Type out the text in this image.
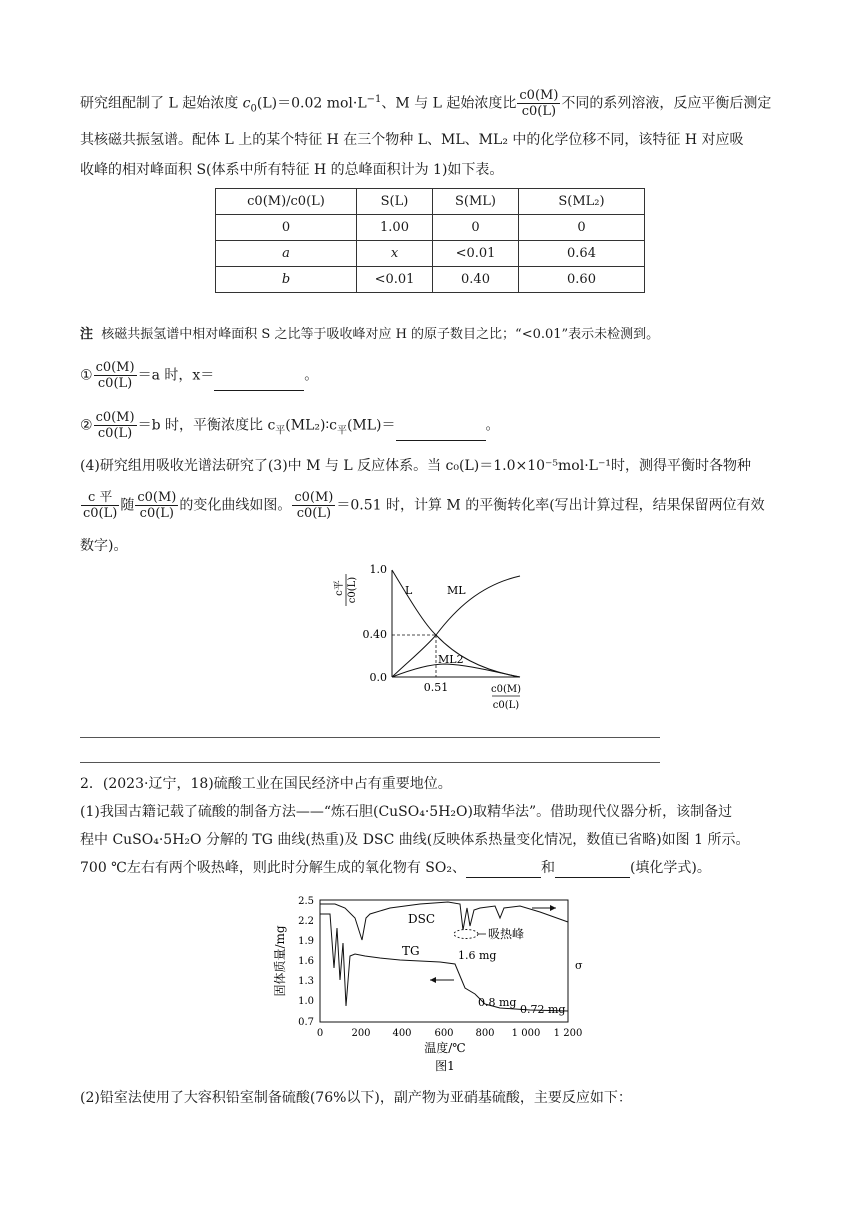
研究组配制了 L 起始浓度 $c_0(L)=0.02$ $mol\cdot L^{-1}$、M 与 L 起始浓度比 $\frac{c0(M)}{c0(L)}$ 不同的系列溶液，反应平衡后测定
其核磁共振氢谱。配体 L 上的某个特征 H 在三个物种 L、ML、ML₂ 中的化学位移不同，该特征 H 对应吸
收峰的相对峰面积 S(体系中所有特征 H 的总峰面积计为 1)如下表。
c0(M)/c0(L)	S(L)	S(ML)	S(ML₂)
0	1.00	0	0
a	x	<0.01	0.64
b	<0.01	0.40	0.60
注 核磁共振氢谱中相对峰面积 S 之比等于吸收峰对应 H 的原子数目之比；“<0.01”表示未检测到。
① $\frac{c0(M)}{c0(L)} =a$ 时，x＝	。
② $\frac{c0(M)}{c0(L)} =b$ 时，平衡浓度比 $c_平(ML_2)∶c_平(ML)=$	。
(4)研究组用吸收光谱法研究了(3)中 M 与 L 反应体系。当 c₀(L)＝1.0×10⁻⁵mol·L⁻¹时，测得平衡时各物种
$\frac{\text{c 平}}{c0(L)}$ 随 $\frac{c0(M)}{c0(L)}$ 的变化曲线如图。 $\frac{c0(M)}{c0(L)} =0.51$ 时，计算 M 的平衡转化率(写出计算过程，结果保留两位有效
数字)。
c平 c0(L)
1.0
0.40
0.0
0.51
L	ML
ML2
c0(M)
c0(L)
2．(2023·辽宁，18)硫酸工业在国民经济中占有重要地位。
(1)我国古籍记载了硫酸的制备方法——“炼石胆(CuSO₄·5H₂O)取精华法”。借助现代仪器分析，该制备过
程中 CuSO₄·5H₂O 分解的 TG 曲线(热重)及 DSC 曲线(反映体系热量变化情况，数值已省略)如图 1 所示。
700 ℃左右有两个吸热峰，则此时分解生成的氧化物有 SO₂、	和	(填化学式)。
固体质量/mg
2.5
2.2
1.9
1.6
1.3
1.0
0.7
0	200 400 600 800 1 000 1 200
吸热峰
DSC
TG	1.6 mg
0.8 mg
0.72 mg
σ
温度/℃
图1
(2)铅室法使用了大容积铅室制备硫酸(76%以下)，副产物为亚硝基硫酸，主要反应如下：
